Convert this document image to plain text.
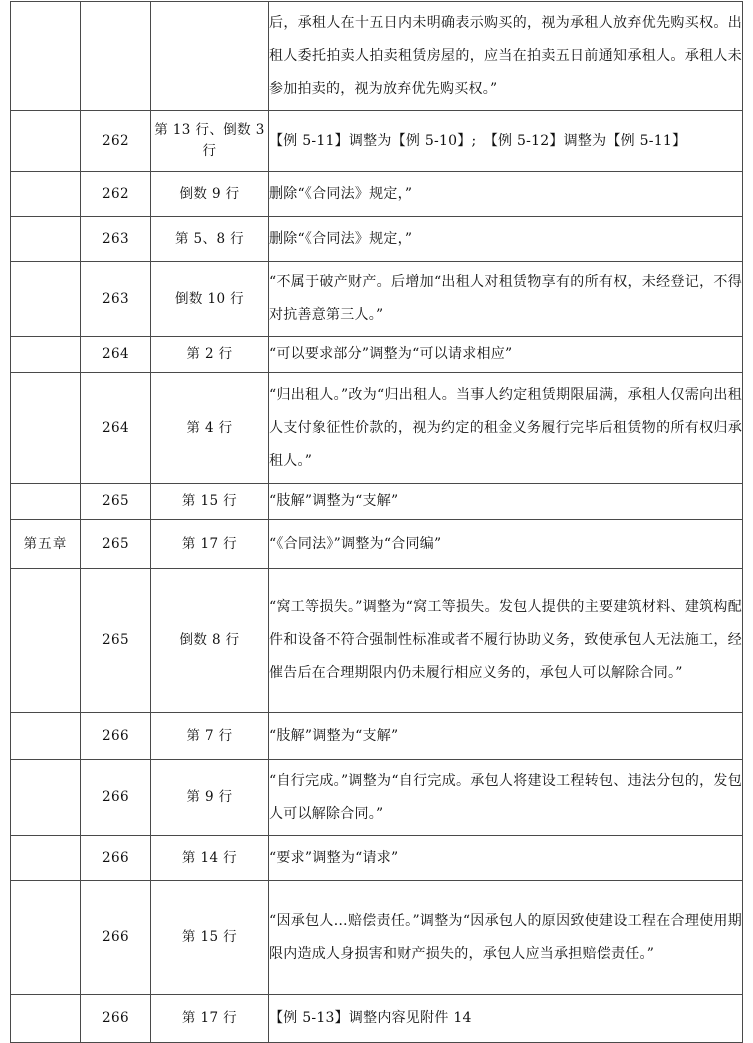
			后，承租人在十五日内未明确表示购买的，视为承租人放弃优先购买权。出租人委托拍卖人拍卖租赁房屋的，应当在拍卖五日前通知承租人。承租人未参加拍卖的，视为放弃优先购买权。”
	262	第 13 行、倒数 3 行	【例 5-11】调整为【例 5-10】;　【例 5-12】调整为【例 5-11】
	262	倒数 9 行	删除“《合同法》规定，”
	263	第 5、8 行	删除“《合同法》规定，”
	263	倒数 10 行	“不属于破产财产。后增加“出租人对租赁物享有的所有权，未经登记，不得对抗善意第三人。”
	264	第 2 行	“可以要求部分”调整为“可以请求相应”
	264	第 4 行	“归出租人。”改为“归出租人。当事人约定租赁期限届满，承租人仅需向出租人支付象征性价款的，视为约定的租金义务履行完毕后租赁物的所有权归承租人。”
	265	第 15 行	“肢解”调整为“支解”
第五章	265	第 17 行	“《合同法》”调整为“合同编”
	265	倒数 8 行	“窝工等损失。”调整为“窝工等损失。发包人提供的主要建筑材料、建筑构配件和设备不符合强制性标准或者不履行协助义务，致使承包人无法施工，经催告后在合理期限内仍未履行相应义务的，承包人可以解除合同。”
	266	第 7 行	“肢解”调整为“支解”
	266	第 9 行	“自行完成。”调整为“自行完成。承包人将建设工程转包、违法分包的，发包人可以解除合同。”
	266	第 14 行	“要求”调整为“请求”
	266	第 15 行	“因承包人…赔偿责任。”调整为“因承包人的原因致使建设工程在合理使用期限内造成人身损害和财产损失的，承包人应当承担赔偿责任。”
	266	第 17 行	【例 5-13】调整内容见附件 14
